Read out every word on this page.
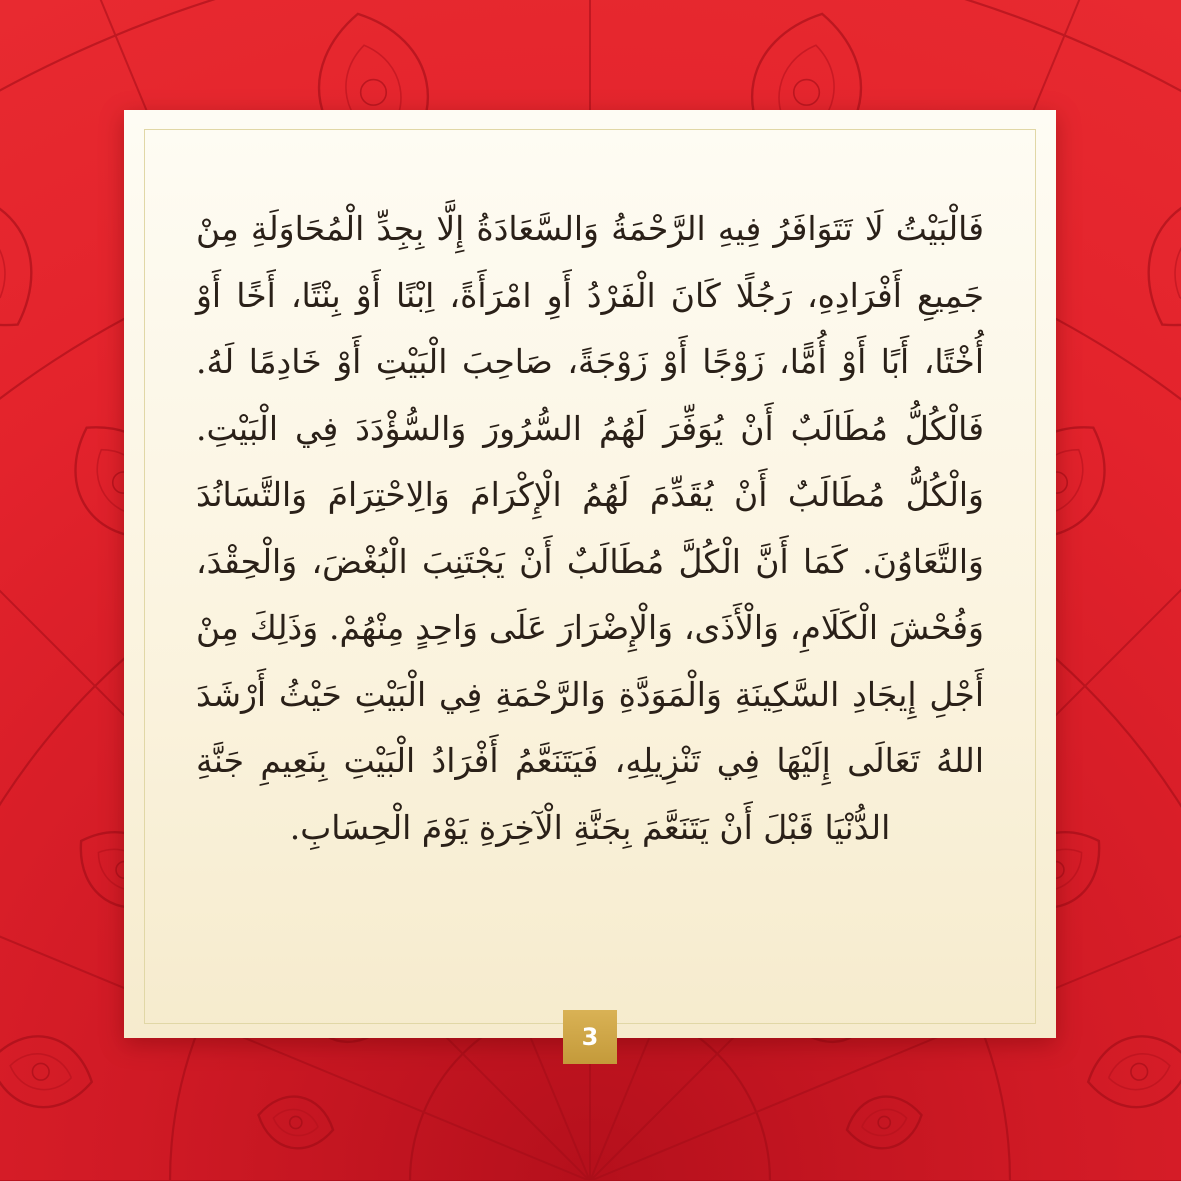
فَالْبَيْتُ لَا تَتَوَافَرُ فِيهِ الرَّحْمَةُ وَالسَّعَادَةُ إِلَّا بِجِدِّ الْمُحَاوَلَةِ مِنْ جَمِيعِ أَفْرَادِهِ، رَجُلًا كَانَ الْفَرْدُ أَوِ امْرَأَةً، اِبْنًا أَوْ بِنْتًا، أَخًا أَوْ أُخْتًا، أَبًا أَوْ أُمًّا، زَوْجًا أَوْ زَوْجَةً، صَاحِبَ الْبَيْتِ أَوْ خَادِمًا لَهُ. فَالْكُلُّ مُطَالَبٌ أَنْ يُوَفِّرَ لَهُمُ السُّرُورَ وَالسُّؤْدَدَ فِي الْبَيْتِ. وَالْكُلُّ مُطَالَبٌ أَنْ يُقَدِّمَ لَهُمُ الْإِكْرَامَ وَالِاحْتِرَامَ وَالتَّسَانُدَ وَالتَّعَاوُنَ. كَمَا أَنَّ الْكُلَّ مُطَالَبٌ أَنْ يَجْتَنِبَ الْبُغْضَ، وَالْحِقْدَ، وَفُحْشَ الْكَلَامِ، وَالْأَذَى، وَالْإِضْرَارَ عَلَى وَاحِدٍ مِنْهُمْ. وَذَلِكَ مِنْ أَجْلِ إِيجَادِ السَّكِينَةِ وَالْمَوَدَّةِ وَالرَّحْمَةِ فِي الْبَيْتِ حَيْثُ أَرْشَدَ اللهُ تَعَالَى إِلَيْهَا فِي تَنْزِيلِهِ، فَيَتَنَعَّمُ أَفْرَادُ الْبَيْتِ بِنَعِيمِ جَنَّةِ الدُّنْيَا قَبْلَ أَنْ يَتَنَعَّمَ بِجَنَّةِ الْآخِرَةِ يَوْمَ الْحِسَابِ.

3
